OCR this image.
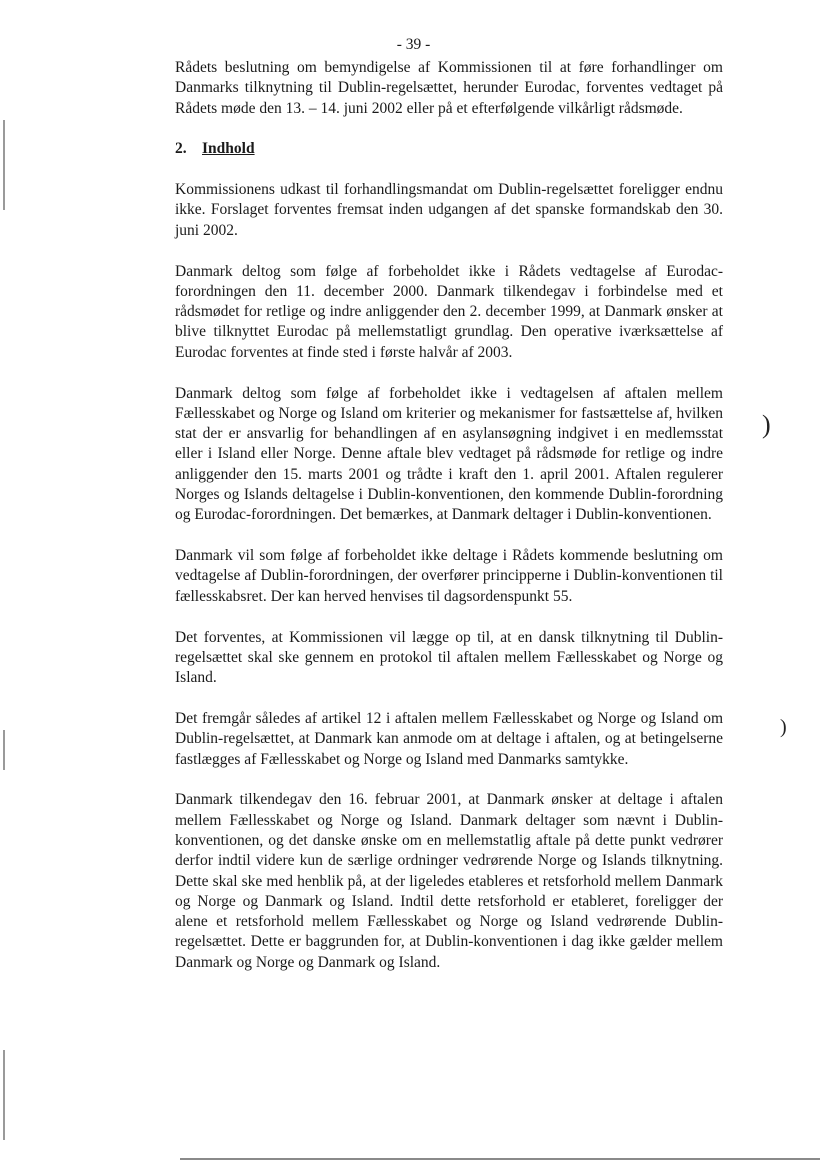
- 39 -

Rådets beslutning om bemyndigelse af Kommissionen til at føre forhandlinger om Danmarks tilknytning til Dublin-regelsættet, herunder Eurodac, forventes vedtaget på Rådets møde den 13. – 14. juni 2002 eller på et efterfølgende vilkårligt rådsmøde.

2. Indhold

Kommissionens udkast til forhandlingsmandat om Dublin-regelsættet foreligger endnu ikke. Forslaget forventes fremsat inden udgangen af det spanske formandskab den 30. juni 2002.

Danmark deltog som følge af forbeholdet ikke i Rådets vedtagelse af Eurodac-forordningen den 11. december 2000. Danmark tilkendegav i forbindelse med et rådsmødet for retlige og indre anliggender den 2. december 1999, at Danmark ønsker at blive tilknyttet Eurodac på mellemstatligt grundlag. Den operative iværksættelse af Eurodac forventes at finde sted i første halvår af 2003.

Danmark deltog som følge af forbeholdet ikke i vedtagelsen af aftalen mellem Fællesskabet og Norge og Island om kriterier og mekanismer for fastsættelse af, hvilken stat der er ansvarlig for behandlingen af en asylansøgning indgivet i en medlemsstat eller i Island eller Norge. Denne aftale blev vedtaget på rådsmøde for retlige og indre anliggender den 15. marts 2001 og trådte i kraft den 1. april 2001. Aftalen regulerer Norges og Islands deltagelse i Dublin-konventionen, den kommende Dublin-forordning og Eurodac-forordningen. Det bemærkes, at Danmark deltager i Dublin-konventionen.

Danmark vil som følge af forbeholdet ikke deltage i Rådets kommende beslutning om vedtagelse af Dublin-forordningen, der overfører principperne i Dublin-konventionen til fællesskabsret. Der kan herved henvises til dagsordenspunkt 55.

Det forventes, at Kommissionen vil lægge op til, at en dansk tilknytning til Dublin-regelsættet skal ske gennem en protokol til aftalen mellem Fællesskabet og Norge og Island.

Det fremgår således af artikel 12 i aftalen mellem Fællesskabet og Norge og Island om Dublin-regelsættet, at Danmark kan anmode om at deltage i aftalen, og at betingelserne fastlægges af Fællesskabet og Norge og Island med Danmarks samtykke.

Danmark tilkendegav den 16. februar 2001, at Danmark ønsker at deltage i aftalen mellem Fællesskabet og Norge og Island. Danmark deltager som nævnt i Dublin-konventionen, og det danske ønske om en mellemstatlig aftale på dette punkt vedrører derfor indtil videre kun de særlige ordninger vedrørende Norge og Islands tilknytning. Dette skal ske med henblik på, at der ligeledes etableres et retsforhold mellem Danmark og Norge og Danmark og Island. Indtil dette retsforhold er etableret, foreligger der alene et retsforhold mellem Fællesskabet og Norge og Island vedrørende Dublin-regelsættet. Dette er baggrunden for, at Dublin-konventionen i dag ikke gælder mellem Danmark og Norge og Danmark og Island.

)
)
